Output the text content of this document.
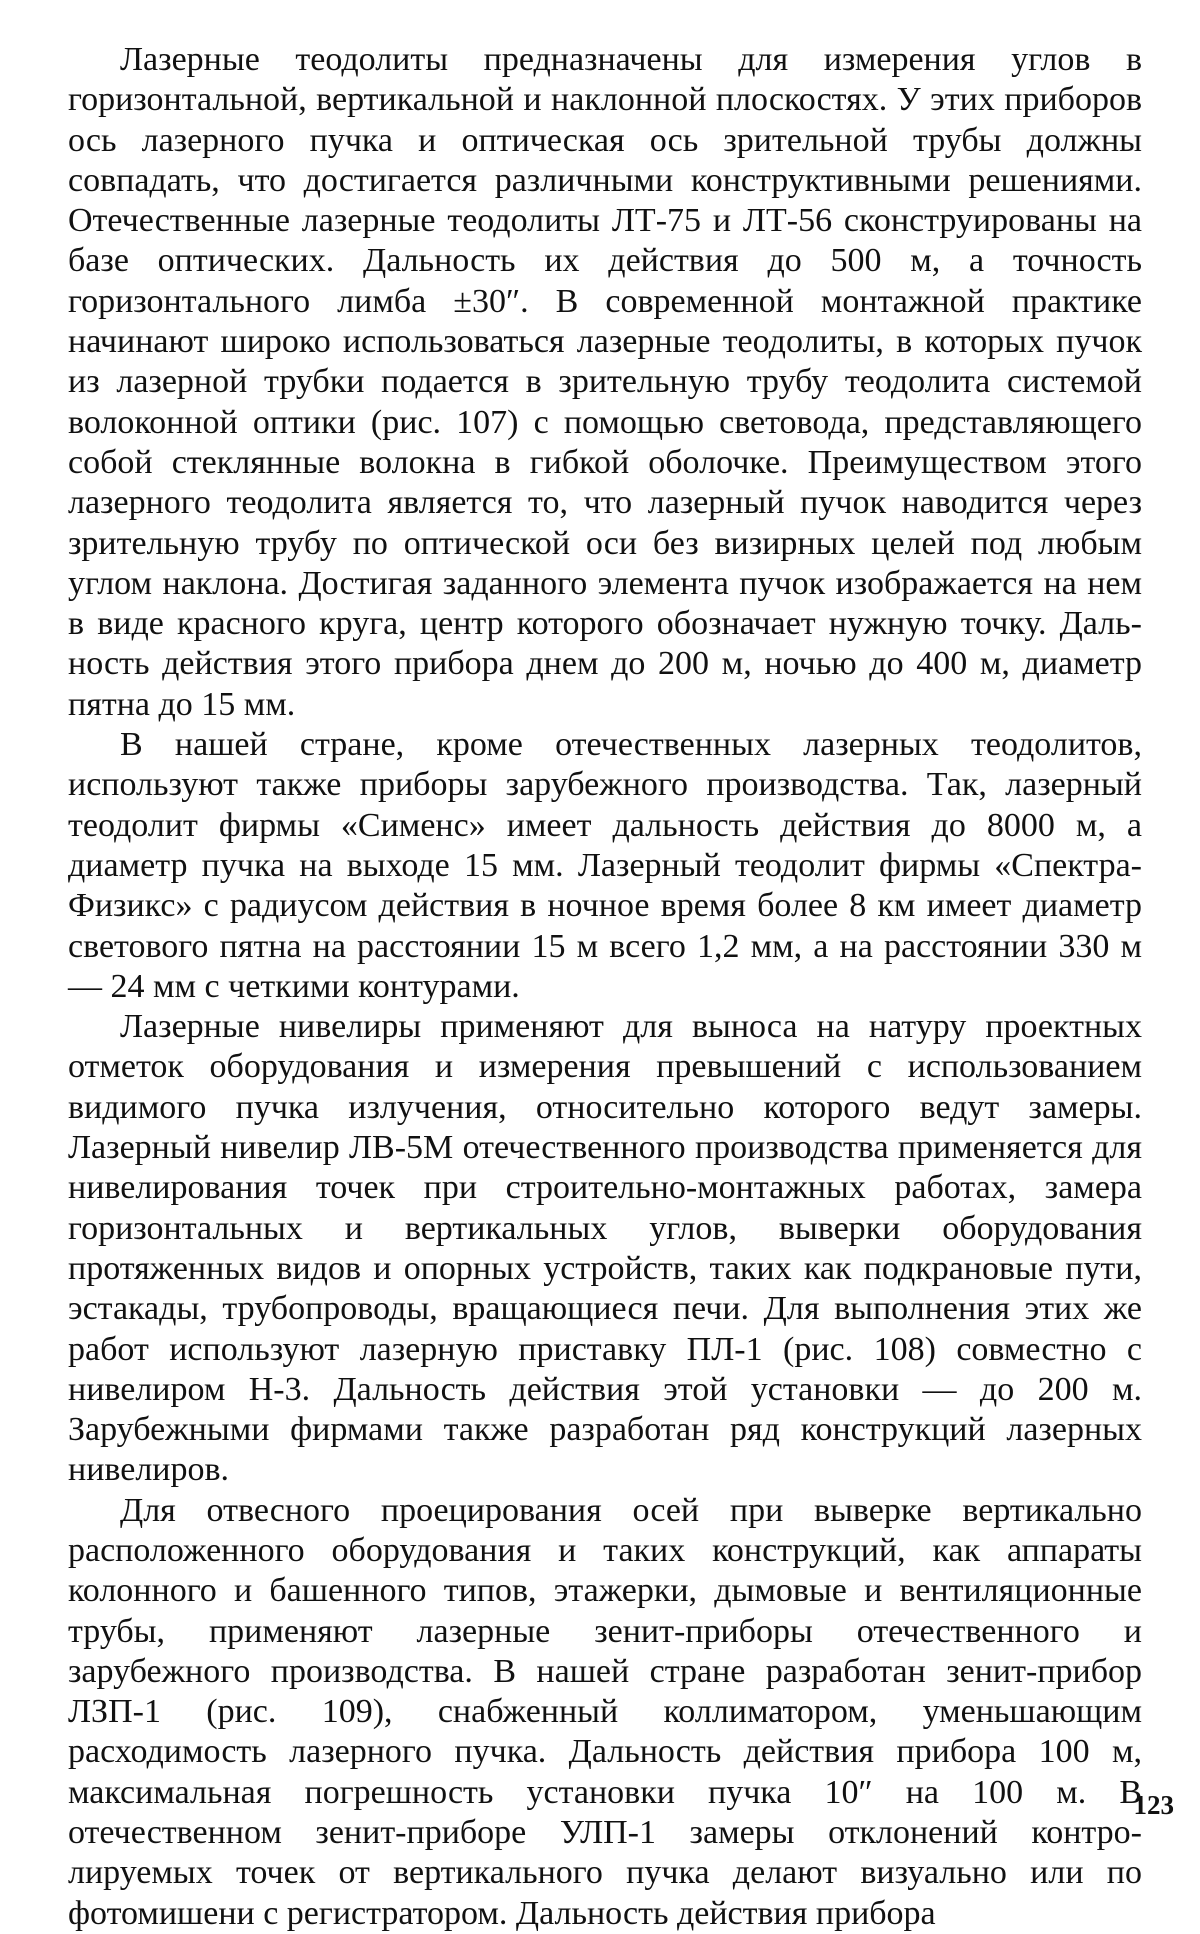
Лазерные теодолиты предназначены для измерения углов в горизонтальной, вертикальной и наклонной плоскостях. У этих приборов ось лазерного пучка и оптическая ось зрительной трубы должны совпадать, что достигается различными конструктивными решениями. Отечественные лазерные теодолиты ЛТ-75 и ЛТ-56 сконструированы на базе оптических. Дальность их действия до 500 м, а точность горизонтального лимба ±30″. В современной монтажной практике начинают широко использоваться лазерные теодолиты, в которых пучок из лазерной трубки подается в зрительную трубу теодолита системой волоконной оптики (рис. 107) с помощью световода, представляющего собой стеклянные волокна в гибкой оболочке. Преимуществом этого лазерного теодолита является то, что лазерный пучок наводится через зрительную трубу по оптической оси без визирных целей под любым углом наклона. Достигая заданного элемента пучок изображается на нем в виде красного круга, центр которого обозначает нужную точку. Дальность действия этого прибора днем до 200 м, ночью до 400 м, диаметр пятна до 15 мм.

В нашей стране, кроме отечественных лазерных теодолитов, используют также приборы зарубежного производства. Так, лазерный теодолит фирмы «Сименс» имеет дальность действия до 8000 м, а диаметр пучка на выходе 15 мм. Лазерный теодолит фирмы «Спектра-Физикс» с радиусом действия в ночное время более 8 км имеет диаметр светового пятна на расстоянии 15 м всего 1,2 мм, а на расстоянии 330 м — 24 мм с четкими контурами.

Лазерные нивелиры применяют для выноса на натуру проектных отметок оборудования и измерения превышений с использованием видимого пучка излучения, относительно которого ведут замеры. Лазерный нивелир ЛВ-5М отечественного производства применяется для нивелирования точек при строительно-монтажных работах, замера горизонтальных и вертикальных углов, выверки оборудования протяженных видов и опорных устройств, таких как подкрановые пути, эстакады, трубопроводы, вращающиеся печи. Для выполнения этих же работ используют лазерную приставку ПЛ-1 (рис. 108) совместно с нивелиром Н-3. Дальность действия этой установки — до 200 м. Зарубежными фирмами также разработан ряд конструкций лазерных нивелиров.

Для отвесного проецирования осей при выверке вертикально расположенного оборудования и таких конструкций, как аппараты колонного и башенного типов, этажерки, дымовые и вентиляционные трубы, применяют лазерные зенит-приборы отечественного и зарубежного производства. В нашей стране разработан зенит-прибор ЛЗП-1 (рис. 109), снабженный коллиматором, уменьшающим расходимость лазерного пучка. Дальность действия прибора 100 м, максимальная погрешность установки пучка 10″ на 100 м. В отечественном зенит-приборе УЛП-1 замеры отклонений контролируемых точек от вертикального пучка делают визуально или по фотомишени с регистратором. Дальность действия прибора

123
